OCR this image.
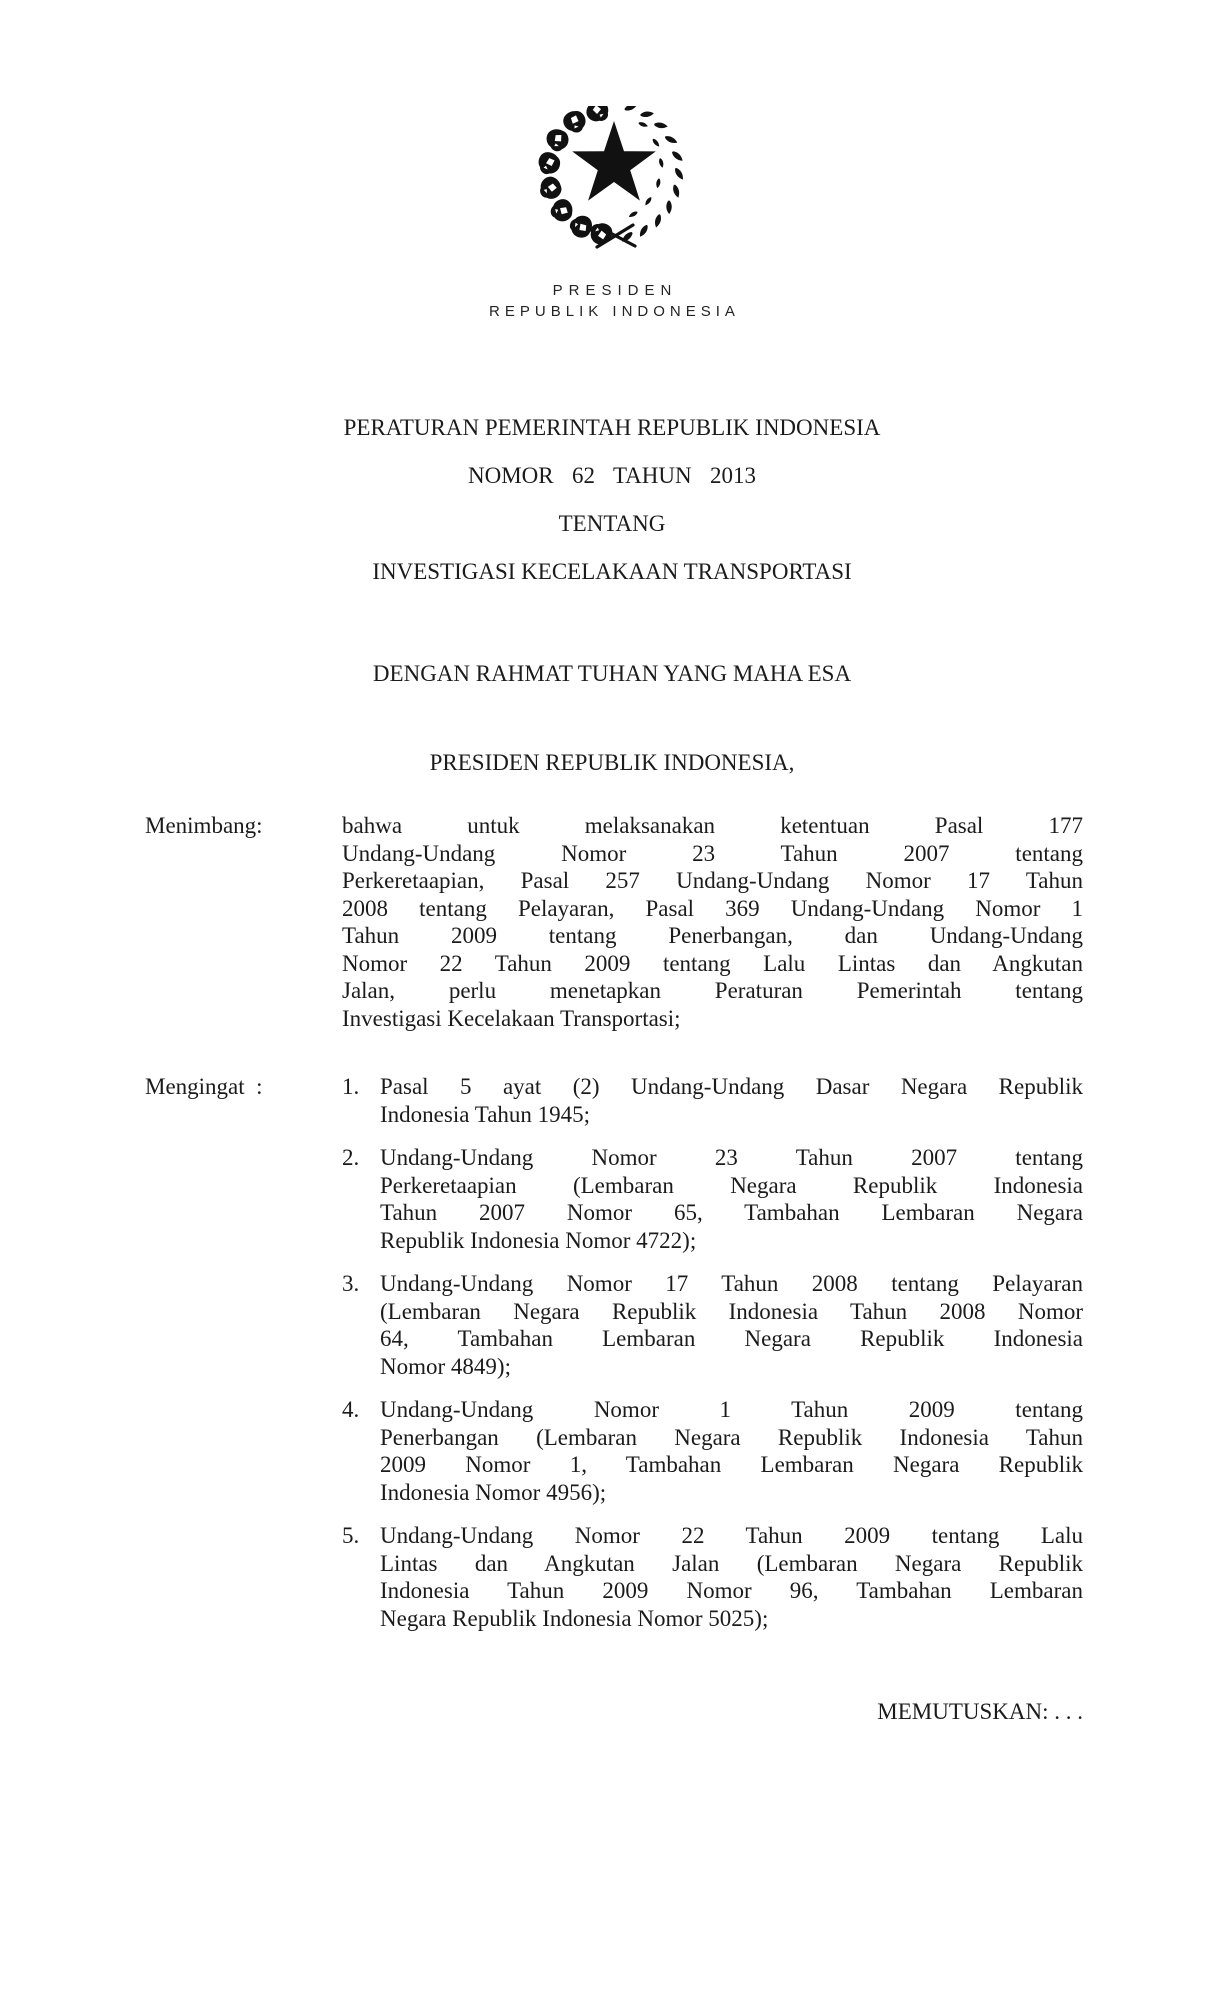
PRESIDEN
REPUBLIK INDONESIA
PERATURAN PEMERINTAH REPUBLIK INDONESIA
NOMOR 62 TAHUN 2013
TENTANG
INVESTIGASI KECELAKAAN TRANSPORTASI
DENGAN RAHMAT TUHAN YANG MAHA ESA
PRESIDEN REPUBLIK INDONESIA,
Menimbang:	bahwa untuk melaksanakan ketentuan Pasal 177
Undang-Undang Nomor 23 Tahun 2007 tentang
Perkeretaapian, Pasal 257 Undang-Undang Nomor 17 Tahun
2008 tentang Pelayaran, Pasal 369 Undang-Undang Nomor 1
Tahun 2009 tentang Penerbangan, dan Undang-Undang
Nomor 22 Tahun 2009 tentang Lalu Lintas dan Angkutan
Jalan, perlu menetapkan Peraturan Pemerintah tentang
Investigasi Kecelakaan Transportasi;
Mengingat  :	1. Pasal 5 ayat (2) Undang-Undang Dasar Negara Republik
Indonesia Tahun 1945;
2. Undang-Undang Nomor 23 Tahun 2007 tentang
Perkeretaapian (Lembaran Negara Republik Indonesia
Tahun 2007 Nomor 65, Tambahan Lembaran Negara
Republik Indonesia Nomor 4722);
3. Undang-Undang Nomor 17 Tahun 2008 tentang Pelayaran
(Lembaran Negara Republik Indonesia Tahun 2008 Nomor
64, Tambahan Lembaran Negara Republik Indonesia
Nomor 4849);
4. Undang-Undang Nomor 1 Tahun 2009 tentang
Penerbangan (Lembaran Negara Republik Indonesia Tahun
2009 Nomor 1, Tambahan Lembaran Negara Republik
Indonesia Nomor 4956);
5. Undang-Undang Nomor 22 Tahun 2009 tentang Lalu
Lintas dan Angkutan Jalan (Lembaran Negara Republik
Indonesia Tahun 2009 Nomor 96, Tambahan Lembaran
Negara Republik Indonesia Nomor 5025);
MEMUTUSKAN: . . .
